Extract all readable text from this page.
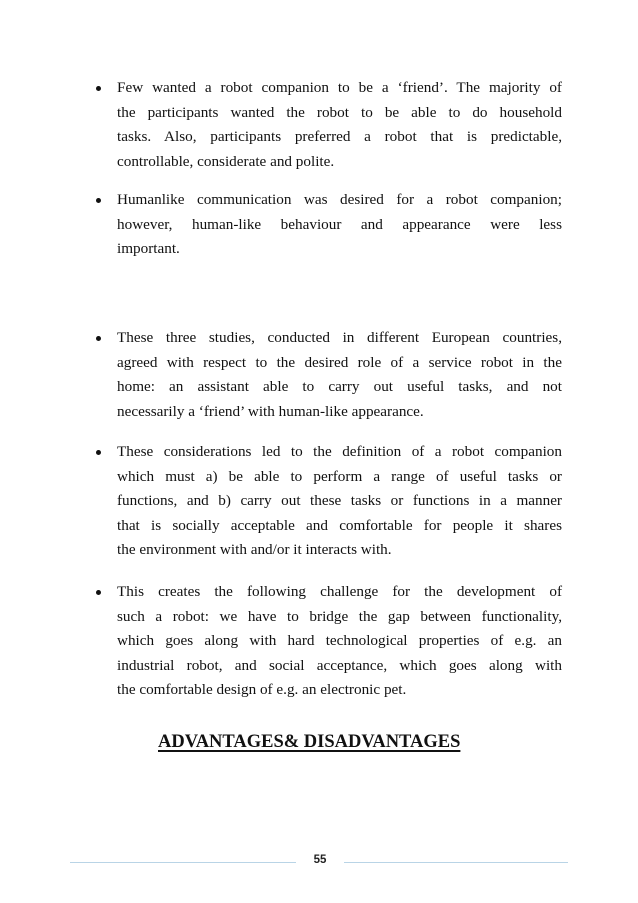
Few wanted a robot companion to be a ‘friend’. The majority of
the participants wanted the robot to be able to do household
tasks. Also, participants preferred a robot that is predictable,
controllable, considerate and polite.

Humanlike communication was desired for a robot companion;
however, human-like behaviour and appearance were less
important.

These three studies, conducted in different European countries,
agreed with respect to the desired role of a service robot in the
home: an assistant able to carry out useful tasks, and not
necessarily a ‘friend’ with human-like appearance.

These considerations led to the definition of a robot companion
which must a) be able to perform a range of useful tasks or
functions, and b) carry out these tasks or functions in a manner
that is socially acceptable and comfortable for people it shares
the environment with and/or it interacts with.

This creates the following challenge for the development of
such a robot: we have to bridge the gap between functionality,
which goes along with hard technological properties of e.g. an
industrial robot, and social acceptance, which goes along with
the comfortable design of e.g. an electronic pet.

ADVANTAGES& DISADVANTAGES
55
